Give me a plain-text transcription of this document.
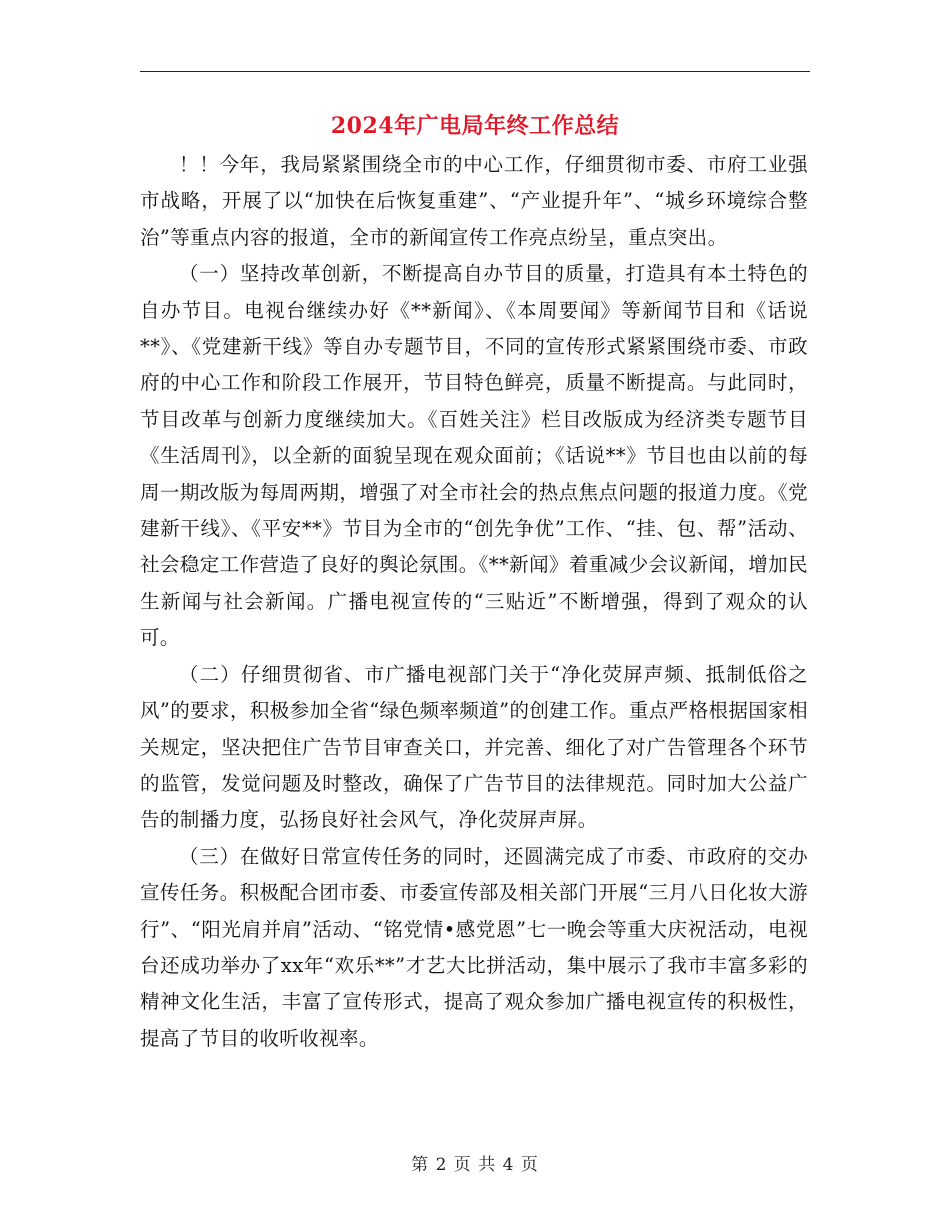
2024年广电局年终工作总结

！！今年，我局紧紧围绕全市的中心工作，仔细贯彻市委、市府工业强市战略，开展了以“加快在后恢复重建”、“产业提升年”、“城乡环境综合整治”等重点内容的报道，全市的新闻宣传工作亮点纷呈，重点突出。

（一）坚持改革创新，不断提高自办节目的质量，打造具有本土特色的自办节目。电视台继续办好《**新闻》、《本周要闻》等新闻节目和《话说**》、《党建新干线》等自办专题节目，不同的宣传形式紧紧围绕市委、市政府的中心工作和阶段工作展开，节目特色鲜亮，质量不断提高。与此同时，节目改革与创新力度继续加大。《百姓关注》栏目改版成为经济类专题节目《生活周刊》，以全新的面貌呈现在观众面前；《话说**》节目也由以前的每周一期改版为每周两期，增强了对全市社会的热点焦点问题的报道力度。《党建新干线》、《平安**》节目为全市的“创先争优”工作、“挂、包、帮”活动、社会稳定工作营造了良好的舆论氛围。《**新闻》着重减少会议新闻，增加民生新闻与社会新闻。广播电视宣传的“三贴近”不断增强，得到了观众的认可。

（二）仔细贯彻省、市广播电视部门关于“净化荧屏声频、抵制低俗之风”的要求，积极参加全省“绿色频率频道”的创建工作。重点严格根据国家相关规定，坚决把住广告节目审查关口，并完善、细化了对广告管理各个环节的监管，发觉问题及时整改，确保了广告节目的法律规范。同时加大公益广告的制播力度，弘扬良好社会风气，净化荧屏声屏。

（三）在做好日常宣传任务的同时，还圆满完成了市委、市政府的交办宣传任务。积极配合团市委、市委宣传部及相关部门开展“三月八日化妆大游行”、“阳光肩并肩”活动、“铭党情•感党恩”七一晚会等重大庆祝活动，电视台还成功举办了xx年“欢乐**”才艺大比拼活动，集中展示了我市丰富多彩的精神文化生活，丰富了宣传形式，提高了观众参加广播电视宣传的积极性，提高了节目的收听收视率。

第 2 页 共 4 页
